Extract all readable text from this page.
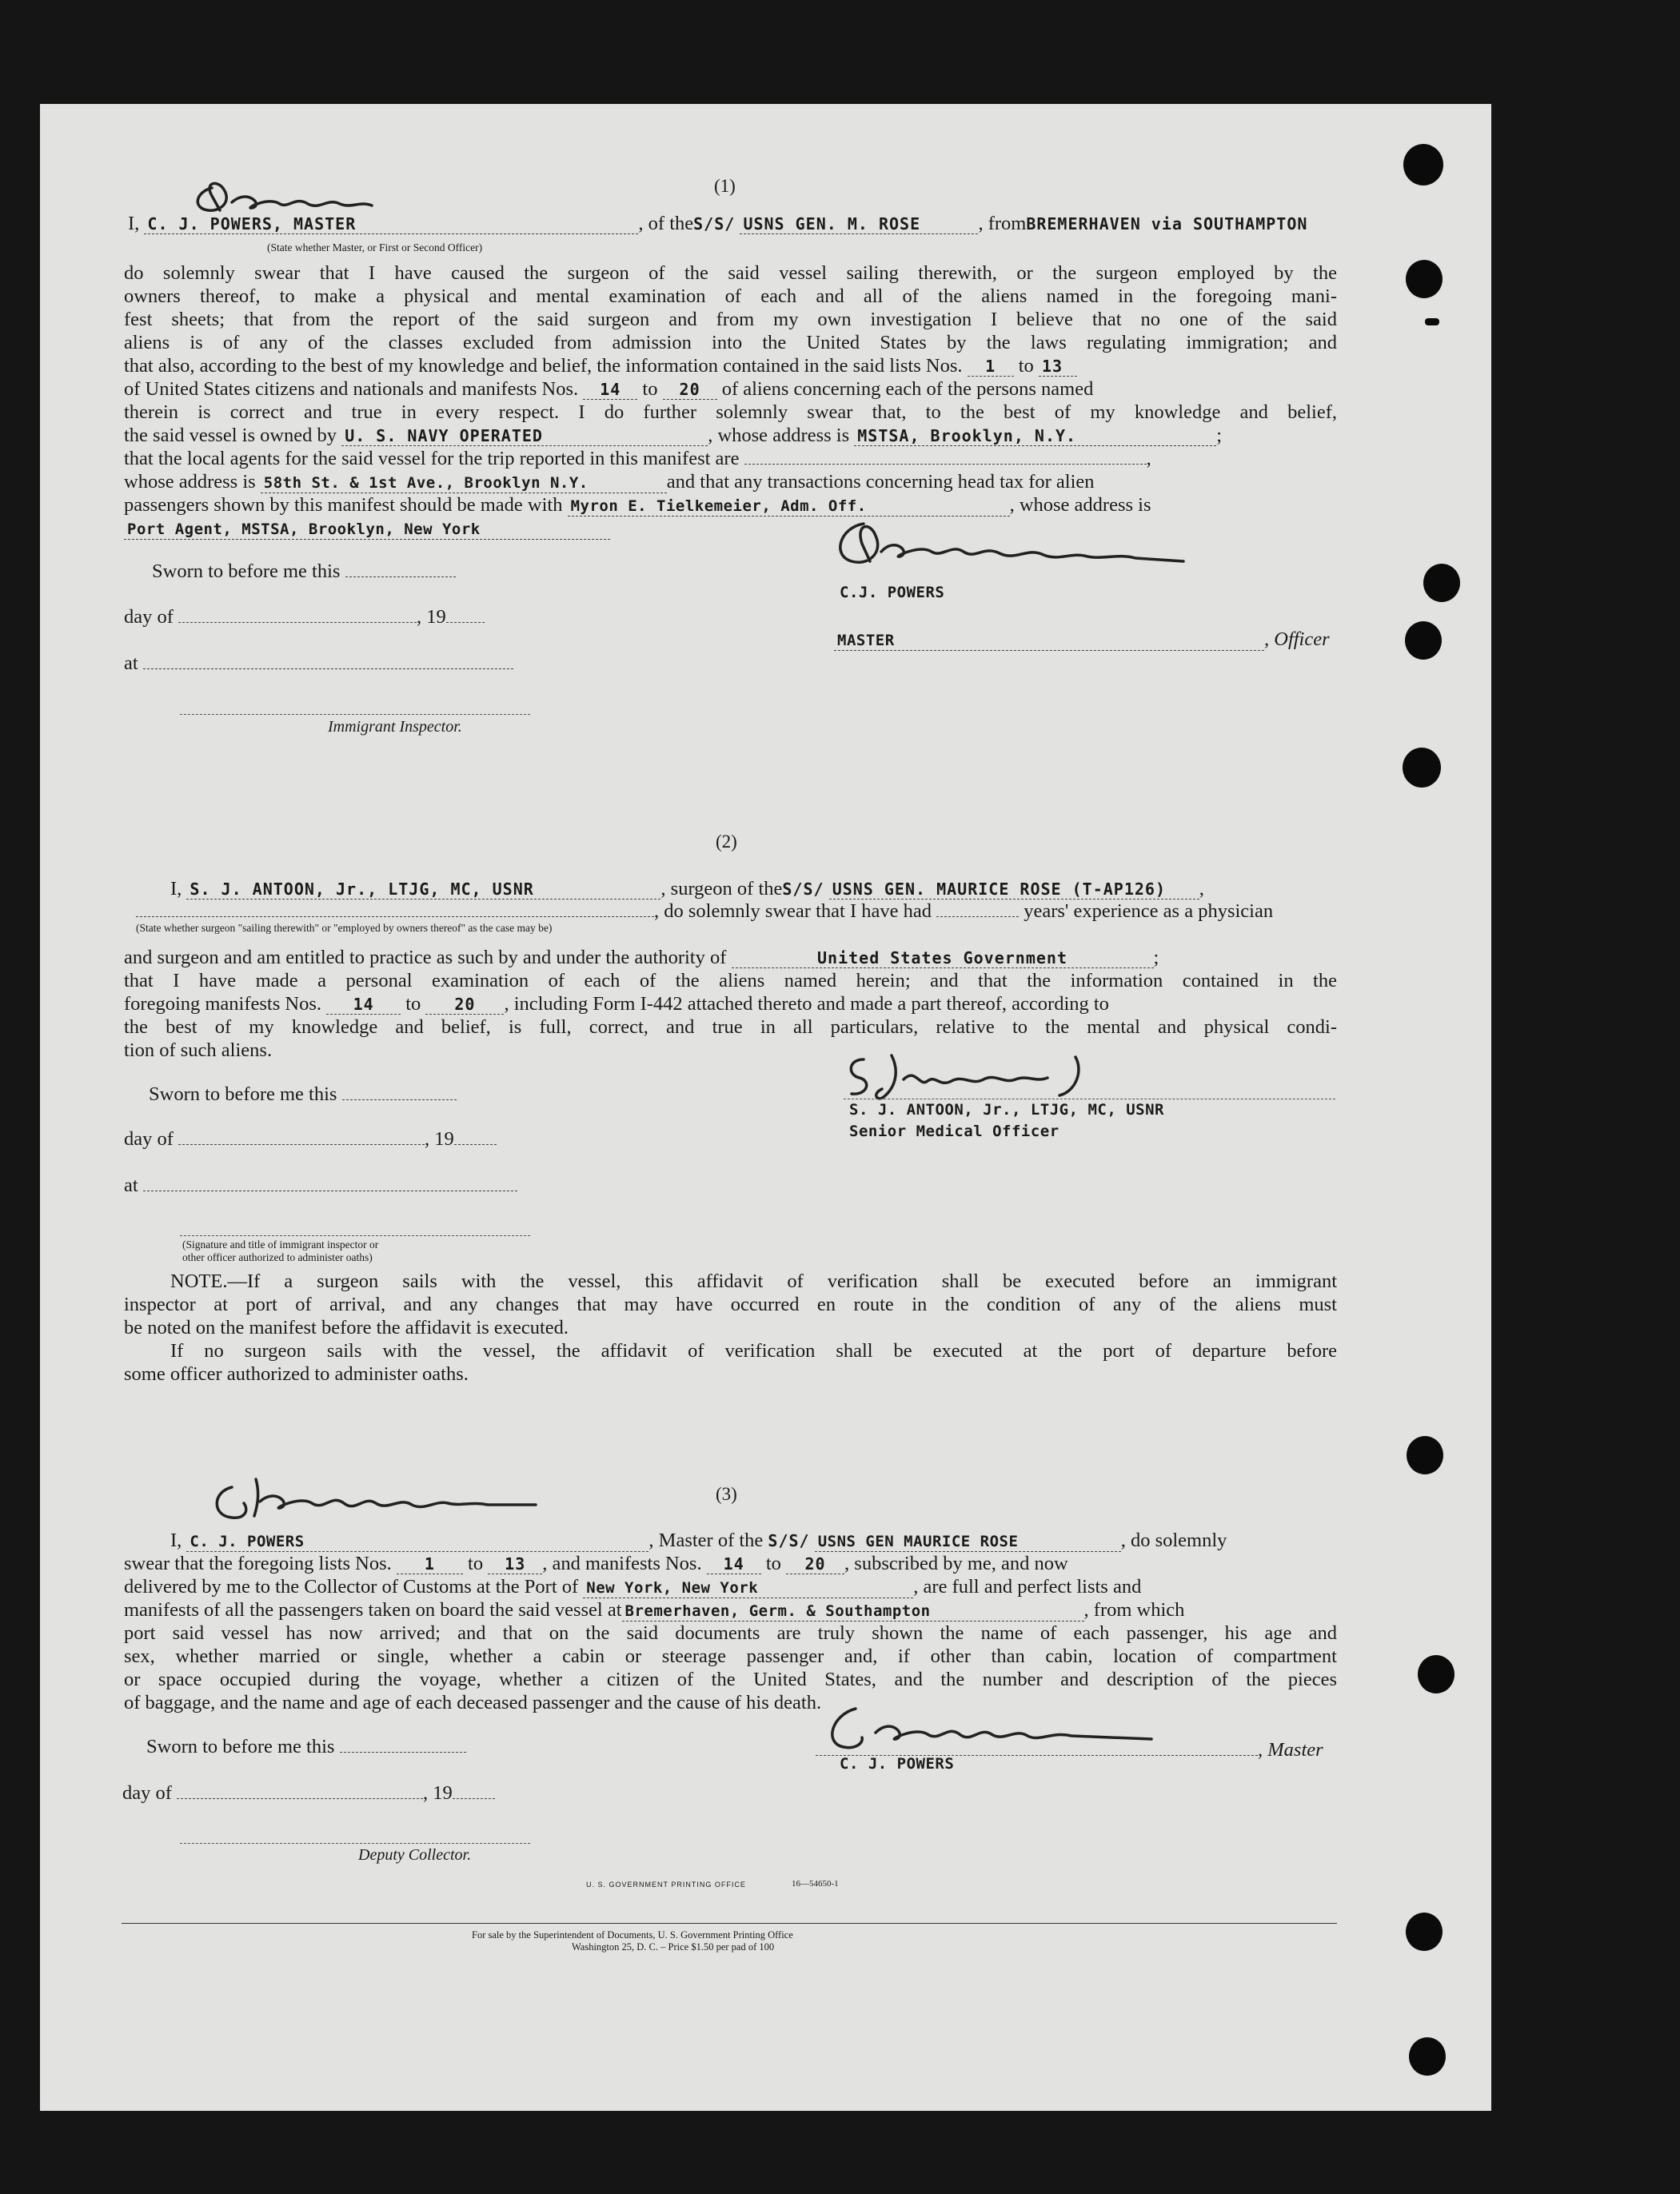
(1)
I, C. J. POWERS, MASTER	, of theS/S/ USNS GEN. M. ROSE	, fromBREMERHAVEN via SOUTHAMPTON
(State whether Master, or First or Second Officer)
do solemnly swear that I have caused the surgeon of the said vessel sailing therewith, or the surgeon employed by the
owners thereof, to make a physical and mental examination of each and all of the aliens named in the foregoing mani-
fest sheets; that from the report of the said surgeon and from my own investigation I believe that no one of the said
aliens is of any of the classes excluded from admission into the United States by the laws regulating immigration; and
that also, according to the best of my knowledge and belief, the information contained in the said lists Nos. 1 to 13
of United States citizens and nationals and manifests Nos. 14 to 20 of aliens concerning each of the persons named
therein is correct and true in every respect. I do further solemnly swear that, to the best of my knowledge and belief,
the said vessel is owned by U. S. NAVY OPERATED	, whose address is MSTSA, Brooklyn, N.Y.	;
that the local agents for the said vessel for the trip reported in this manifest are	,
whose address is 58th St. & 1st Ave., Brooklyn N.Y.	and that any transactions concerning head tax for alien
passengers shown by this manifest should be made with Myron E. Tielkemeier, Adm. Off.	, whose address is
Port Agent, MSTSA, Brooklyn, New York
C.J. POWERS
Sworn to before me this
day of	, 19
MASTER	, Officer
at
Immigrant Inspector.
(2)
I, S. J. ANTOON, Jr., LTJG, MC, USNR	, surgeon of theS/S/ USNS GEN. MAURICE ROSE (T-AP126) ,
, do solemnly swear that I have had	years' experience as a physician
(State whether surgeon "sailing therewith" or "employed by owners thereof" as the case may be)
and surgeon and am entitled to practice as such by and under the authority of	United States Government	;
that I have made a personal examination of each of the aliens named herein; and that the information contained in the
foregoing manifests Nos. 14 to 20 , including Form I-442 attached thereto and made a part thereof, according to
the best of my knowledge and belief, is full, correct, and true in all particulars, relative to the mental and physical condi-
tion of such aliens.
S. J. ANTOON, Jr., LTJG, MC, USNR
Senior Medical Officer
Sworn to before me this
day of	, 19
at
(Signature and title of immigrant inspector or
other officer authorized to administer oaths)
NOTE.—If a surgeon sails with the vessel, this affidavit of verification shall be executed before an immigrant
inspector at port of arrival, and any changes that may have occurred en route in the condition of any of the aliens must
be noted on the manifest before the affidavit is executed.
If no surgeon sails with the vessel, the affidavit of verification shall be executed at the port of departure before
some officer authorized to administer oaths.
(3)
I, C. J. POWERS	, Master of the S/S/ USNS GEN MAURICE ROSE	, do solemnly
swear that the foregoing lists Nos. 1 to 13 , and manifests Nos. 14 to 20 , subscribed by me, and now
delivered by me to the Collector of Customs at the Port of New York, New York	, are full and perfect lists and
manifests of all the passengers taken on board the said vessel at Bremerhaven, Germ. & Southampton	, from which
port said vessel has now arrived; and that on the said documents are truly shown the name of each passenger, his age and
sex, whether married or single, whether a cabin or steerage passenger and, if other than cabin, location of compartment
or space occupied during the voyage, whether a citizen of the United States, and the number and description of the pieces
of baggage, and the name and age of each deceased passenger and the cause of his death.
, Master
C. J. POWERS
Sworn to before me this
day of	, 19
Deputy Collector.
U. S. GOVERNMENT PRINTING OFFICE	16—54650-1
For sale by the Superintendent of Documents, U. S. Government Printing Office
Washington 25, D. C. – Price $1.50 per pad of 100
